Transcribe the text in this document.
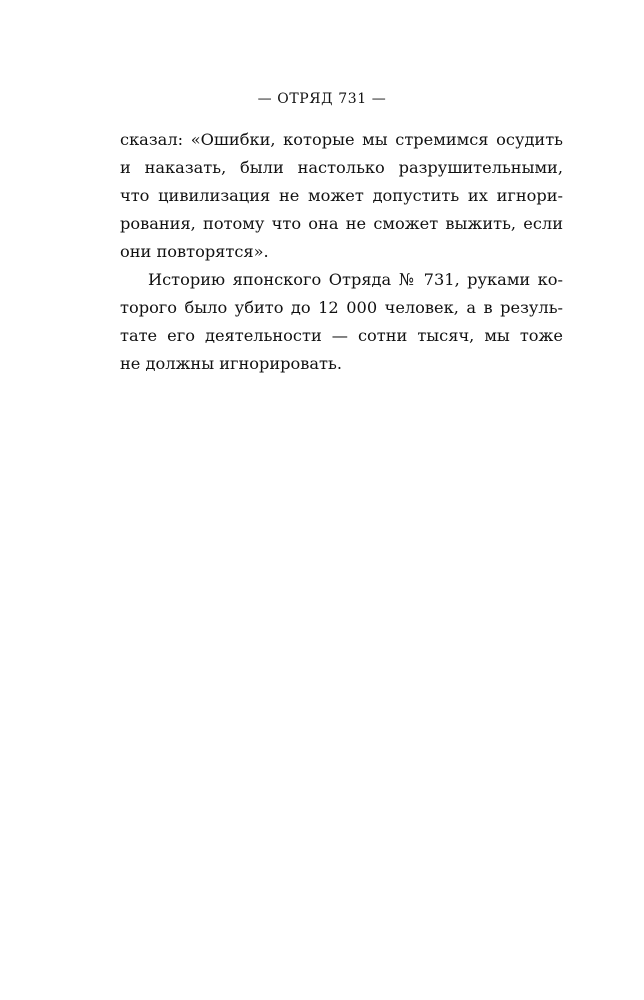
— ОТРЯД 731 —
сказал: «Ошибки, которые мы стремимся осудить
и наказать, были настолько разрушительными,
что цивилизация не может допустить их игнори-
рования, потому что она не сможет выжить, если
они повторятся».
Историю японского Отряда № 731, руками ко-
торого было убито до 12 000 человек, а в резуль-
тате его деятельности — сотни тысяч, мы тоже
не должны игнорировать.
